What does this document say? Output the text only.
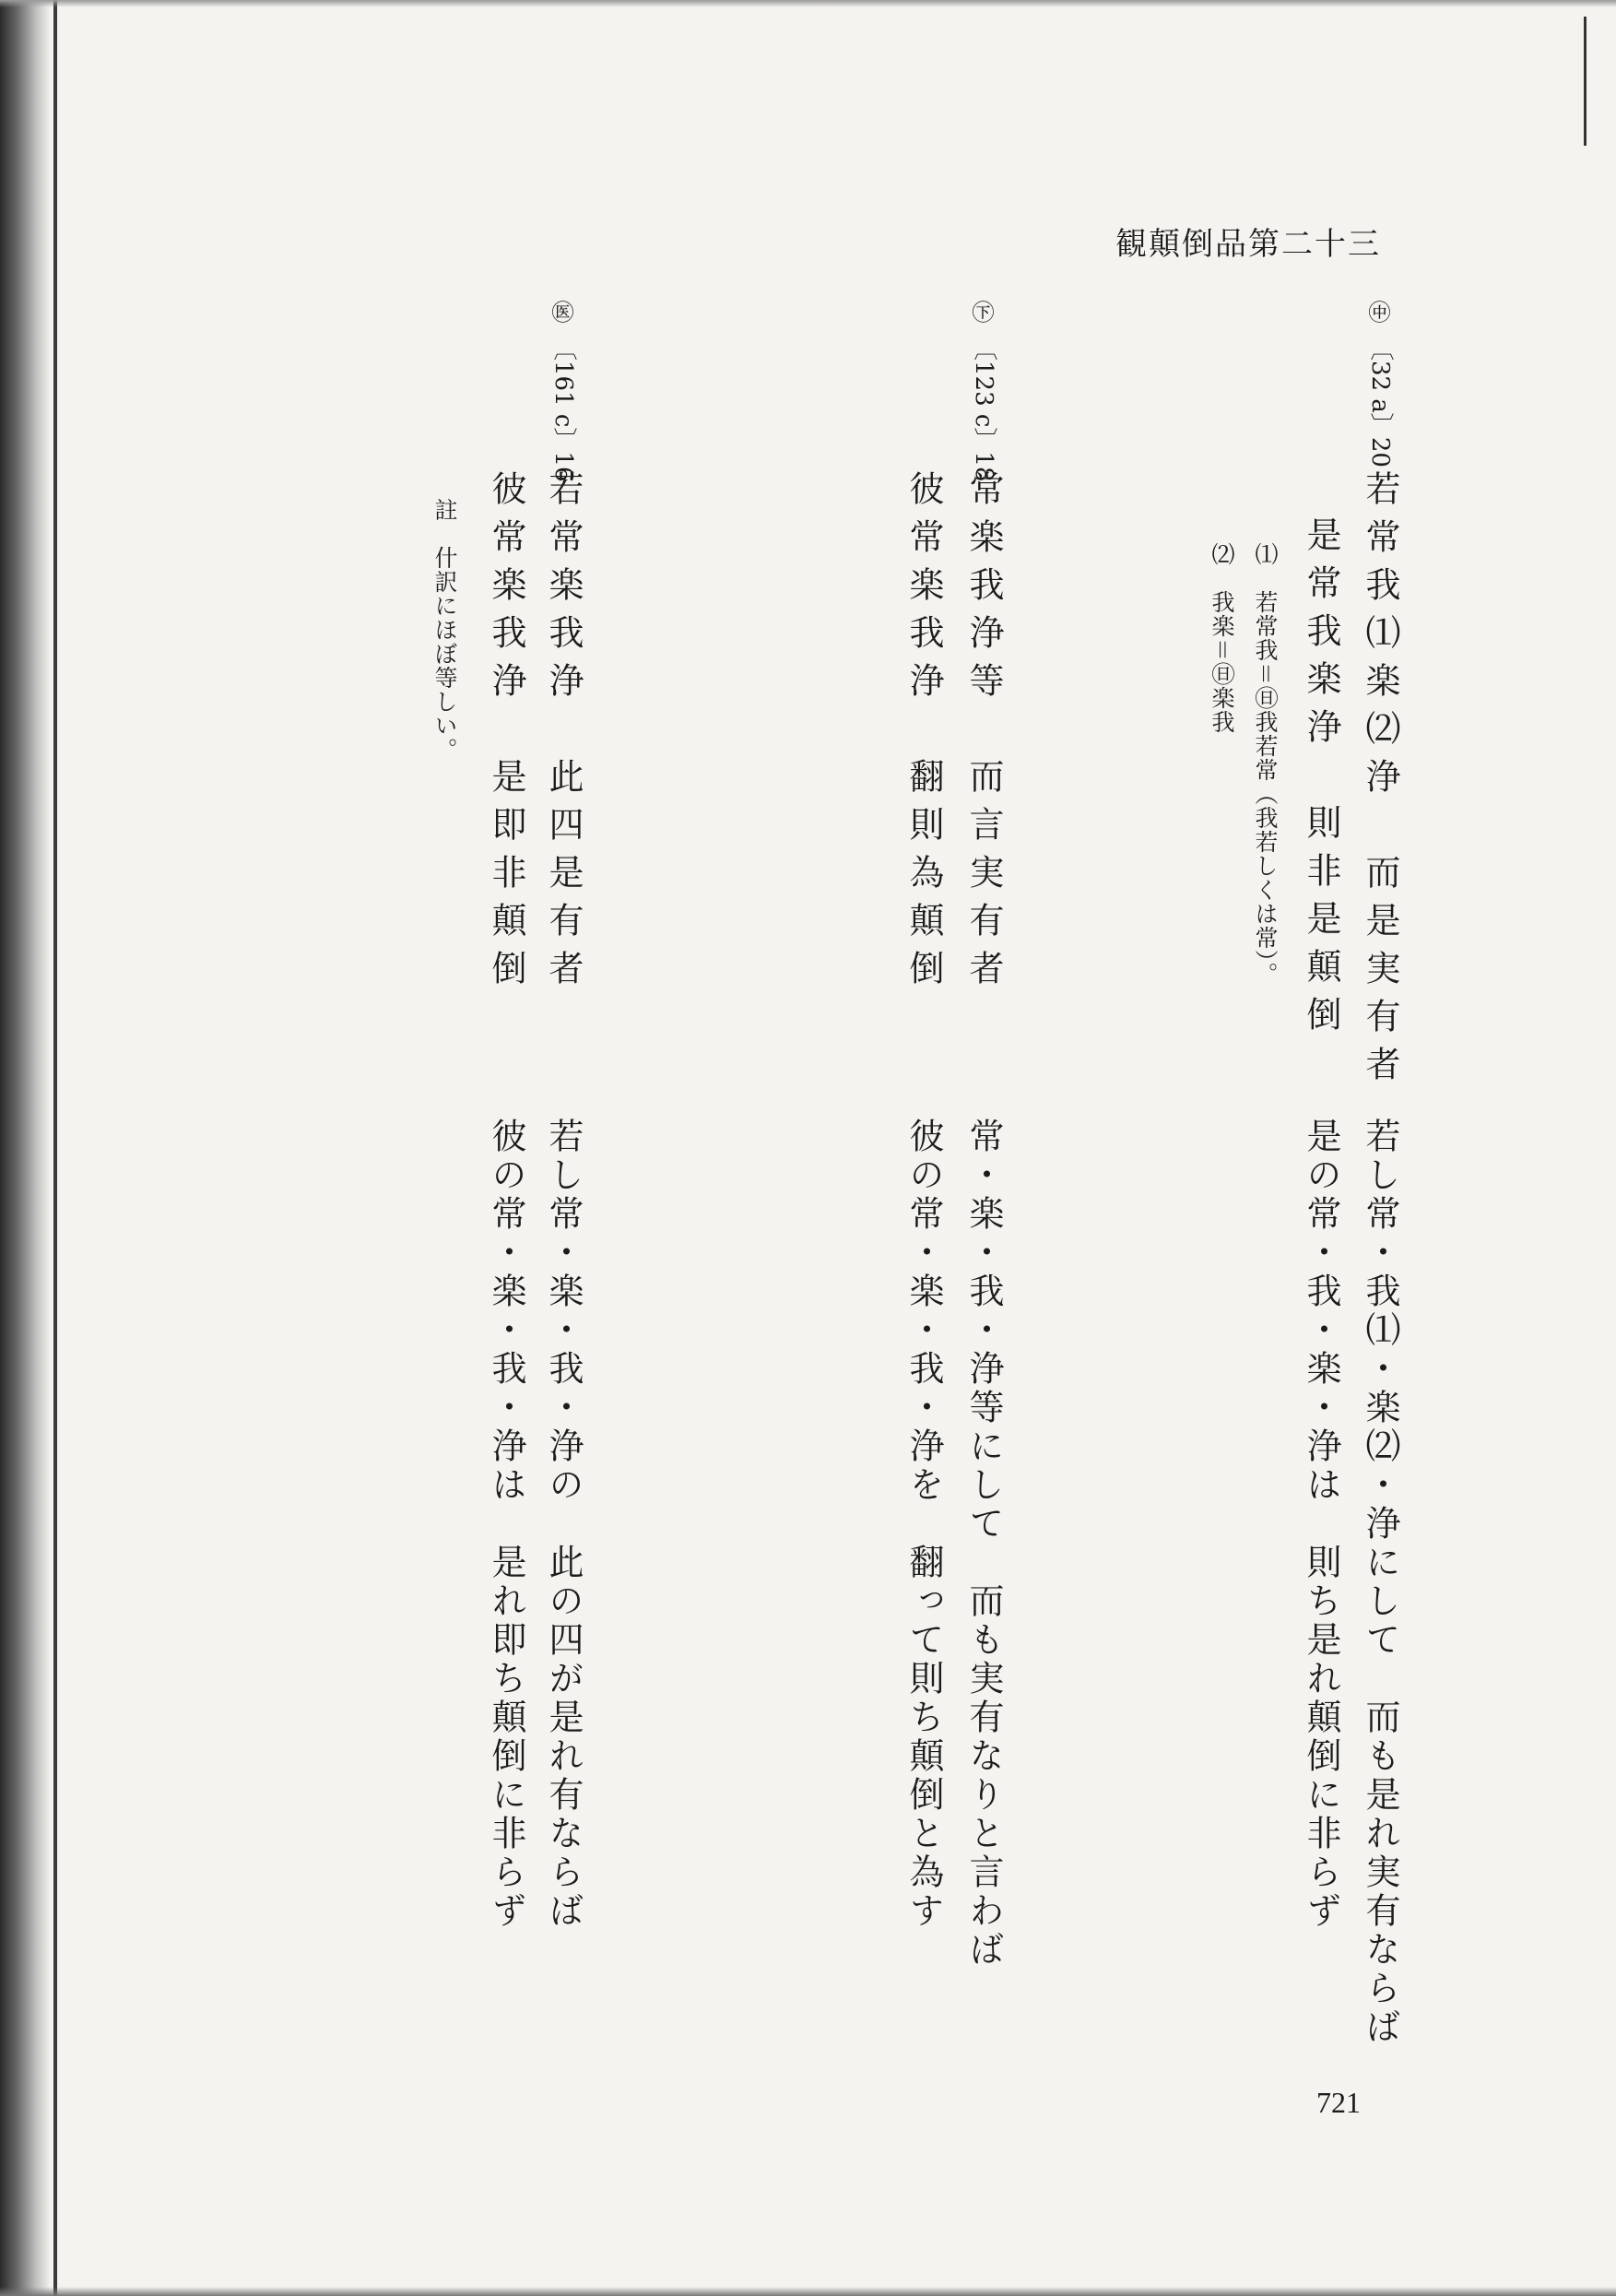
観顛倒品第二十三
㊥
〔32 a〕20
若常我⑴楽⑵浄　而是実有者
是常我楽浄　則非是顛倒
⑴　若常我＝㊐我若常（我若しくは常）。
⑵　我楽＝㊐楽我
若し常・我⑴・楽⑵・浄にして　而も是れ実有ならば
是の常・我・楽・浄は　則ち是れ顛倒に非らず
㊦
〔123 c〕18
常楽我浄等　而言実有者
彼常楽我浄　翻則為顛倒
常・楽・我・浄等にして　而も実有なりと言わば
彼の常・楽・我・浄を　翻って則ち顛倒と為す
㊩
〔161 c〕16
若常楽我浄　此四是有者
彼常楽我浄　是即非顛倒
註　什訳にほぼ等しい。
若し常・楽・我・浄の　此の四が是れ有ならば
彼の常・楽・我・浄は　是れ即ち顛倒に非らず
721
